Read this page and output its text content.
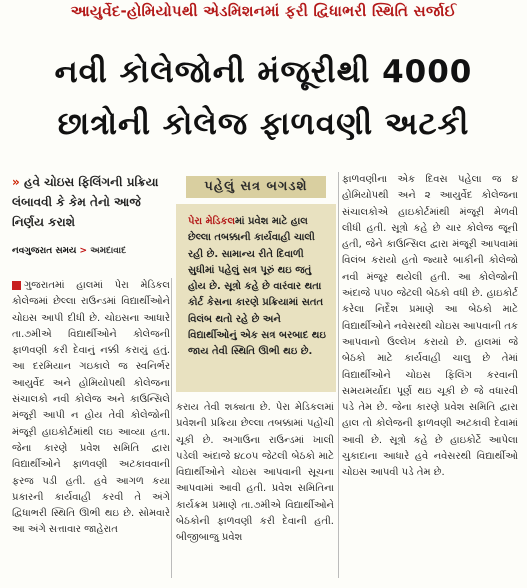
આયુર્વેદ-હોમિયોપથી એડમિશનમાં ફરી દ્વિધાભરી સ્થિતિ સર્જાઈ
નવી કોલેજોની મંજૂરીથી 4000
છાત્રોની કોલેજ ફાળવણી અટકી
» હવે ચોઇસ ફિલિંગની પ્રક્રિયા લંબાવવી કે કેમ તેનો આજે નિર્ણય કરાશે
નવગુજરાત સમય > અમદાવાદ
ગુજરાતમાં હાલમાં પેરા મેડિકલ કોલેજમાં છેલ્લા રાઉન્ડમાં વિદ્યાર્થીઓને ચોઇસ આપી દીધી છે. ચોઇસના આધારે તા.૭મીએ વિદ્યાર્થીઓને કોલેજની ફાળવણી કરી દેવાનું નક્કી કરાયું હતું. આ દરમિયાન ગઇકાલે જ સ્વનિર્ભર આયુર્વેદ અને હોમિયોપથી કોલેજના સંચાલકો નવી કોલેજ અને કાઉન્સિલે મંજૂરી આપી ન હોય તેવી કોલેજોની મંજૂરી હાઇકોર્ટમાંથી લઇ આવ્યા હતા. જેના કારણે પ્રવેશ સમિતિ દ્વારા વિદ્યાર્થીઓને ફાળવણી અટકાવવાની ફરજ પડી હતી. હવે આગળ કયા પ્રકારની કાર્યવાહી કરવી તે અંગે દ્વિધાભરી સ્થિતિ ઊભી થઇ છે. સોમવારે આ અંગે સત્તાવાર જાહેરાત
પેરા મેડિકલમાં પ્રવેશ માટે હાલ છેલ્લા તબક્કાની કાર્યવાહી ચાલી રહી છે. સામાન્ય રીતે દિવાળી સુધીમાં પહેલું સત્ર પૂરું થઇ જતું હોય છે. સૂત્રો કહે છે વારંવાર થતા કોર્ટ કેસના કારણે પ્રક્રિયામાં સતત વિલંબ થતો રહે છે અને વિદ્યાર્થીઓનું એક સત્ર બરબાદ થઇ જાય તેવી સ્થિતિ ઊભી થઇ છે.
પહેલું સત્ર બગડશે
કરાય તેવી શક્યતા છે. પેરા મેડિકલમાં પ્રવેશની પ્રક્રિયા છેલ્લા તબક્કામાં પહોંચી ચૂકી છે. અગાઉના રાઉન્ડમાં ખાલી પડેલી અંદાજે ૪૮૦૫ જેટલી બેઠકો માટે વિદ્યાર્થીઓને ચોઇસ આપવાની સૂચના આપવામાં આવી હતી. પ્રવેશ સમિતિના કાર્યક્રમ પ્રમાણે તા.૭મીએ વિદ્યાર્થીઓને બેઠકોની ફાળવણી કરી દેવાની હતી. બીજીબાજુ પ્રવેશ
ફાળવણીના એક દિવસ પહેલા જ ૪ હોમિયોપથી અને ૨ આયુર્વેદ કોલેજના સંચાલકોએ હાઇકોર્ટમાંથી મંજૂરી મેળવી લીધી હતી. સૂત્રો કહે છે ચાર કોલેજ જૂની હતી, જેને કાઉન્સિલ દ્વારા મંજૂરી આપવામાં વિલંબ કરાયો હતો જ્યારે બાકીની કોલેજો નવી મંજૂર થયેલી હતી. આ કોલેજોની અંદાજે ૫૫૦ જેટલી બેઠકો વધી છે. હાઇકોર્ટ કરેલા નિર્દેશ પ્રમાણે આ બેઠકો માટે વિદ્યાર્થીઓને નવેસરથી ચોઇસ આપવાની તક આપવાનો ઉલ્લેખ કરાયો છે. હાલમાં જે બેઠકો માટે કાર્યવાહી ચાલુ છે તેમાં વિદ્યાર્થીઓને ચોઇસ ફિલિંગ કરવાની સમયમર્યાદા પૂર્ણ થઇ ચૂકી છે જે વધારવી પડે તેમ છે. જેના કારણે પ્રવેશ સમિતિ દ્વારા હાલ તો કોલેજની ફાળવણી અટકાવી દેવામાં આવી છે. સૂત્રો કહે છે હાઇકોર્ટે આપેલા ચુકાદાના આધારે હવે નવેસરથી વિદ્યાર્થીઓ ચોઇસ આપવી પડે તેમ છે.
